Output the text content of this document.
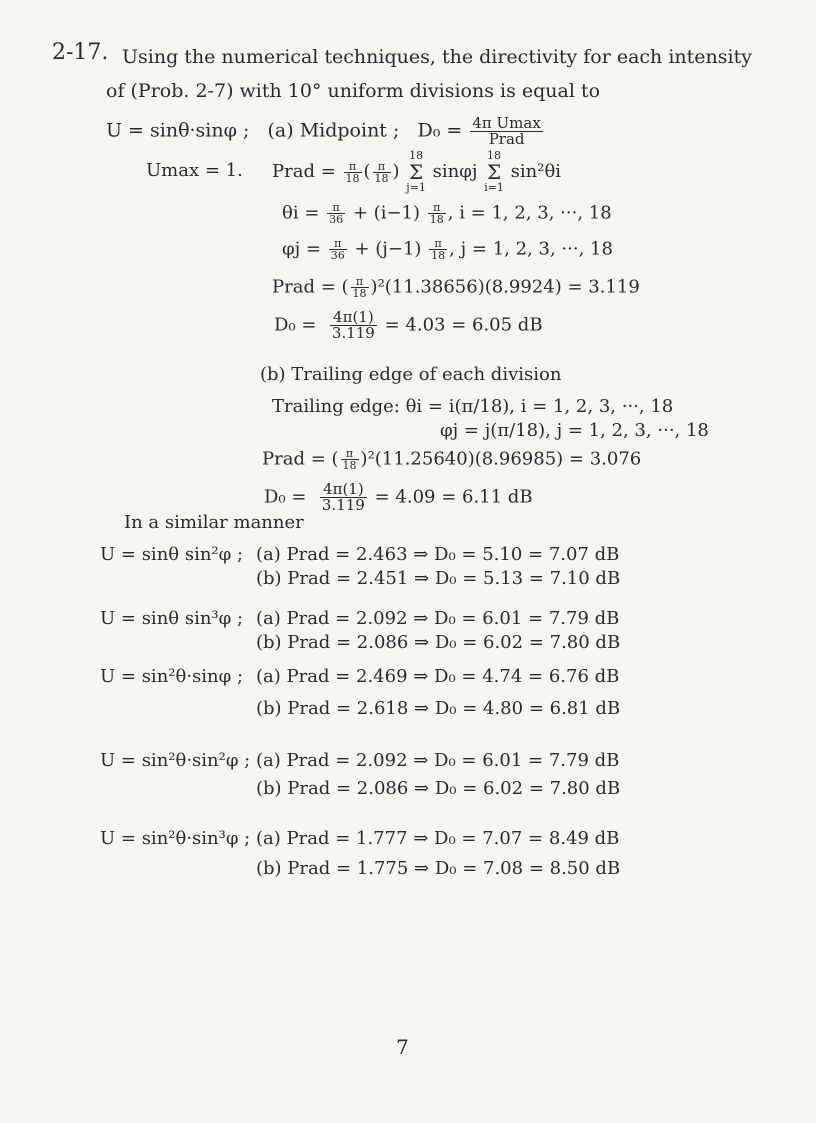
2-17. Using the numerical techniques, the directivity for each intensity
of (Prob. 2-7) with 10° uniform divisions is equal to
U = sinθ·sinφ ; (a) Midpoint ; $D_0 = \frac{\text{4π Umax}}{\text{Prad}}$
Umax = 1. Prad = $\frac{\pi}{18}$ ( $\frac{\pi}{18}$ )
18
Σ
j=1
sinφj
18
Σ
i=1
sin²θi
$\theta i = \frac{\pi}{36} + (i-1) \frac{\pi}{18}$ , i = 1, 2, 3, ···, 18
$\varphi j = \frac{\pi}{36} + (j-1) \frac{\pi}{18}$ , j = 1, 2, 3, ···, 18
Prad = ( $\frac{\pi}{18} )^2(11.38656)(8.9924) = 3.119$
$D_0 = \frac{4\pi(1)}{3.119} = 4.03 = 6.05$ dB
(b) Trailing edge of each division
Trailing edge: θi = i(π/18), i = 1, 2, 3, ···, 18
φj = j(π/18), j = 1, 2, 3, ···, 18
Prad = ( $\frac{\pi}{18} )^2(11.25640)(8.96985) = 3.076$
$D_0 = \frac{4\pi(1)}{3.119} = 4.09 = 6.11$ dB
In a similar manner
U = sinθ sin²φ ; (a) Prad = 2.463 ⇒ D₀ = 5.10 = 7.07 dB
(b) Prad = 2.451 ⇒ D₀ = 5.13 = 7.10 dB
U = sinθ sin³φ ; (a) Prad = 2.092 ⇒ D₀ = 6.01 = 7.79 dB
(b) Prad = 2.086 ⇒ D₀ = 6.02 = 7.80 dB
U = sin²θ·sinφ ; (a) Prad = 2.469 ⇒ D₀ = 4.74 = 6.76 dB
(b) Prad = 2.618 ⇒ D₀ = 4.80 = 6.81 dB
U = sin²θ·sin²φ ; (a) Prad = 2.092 ⇒ D₀ = 6.01 = 7.79 dB
(b) Prad = 2.086 ⇒ D₀ = 6.02 = 7.80 dB
U = sin²θ·sin³φ ; (a) Prad = 1.777 ⇒ D₀ = 7.07 = 8.49 dB
(b) Prad = 1.775 ⇒ D₀ = 7.08 = 8.50 dB
7
